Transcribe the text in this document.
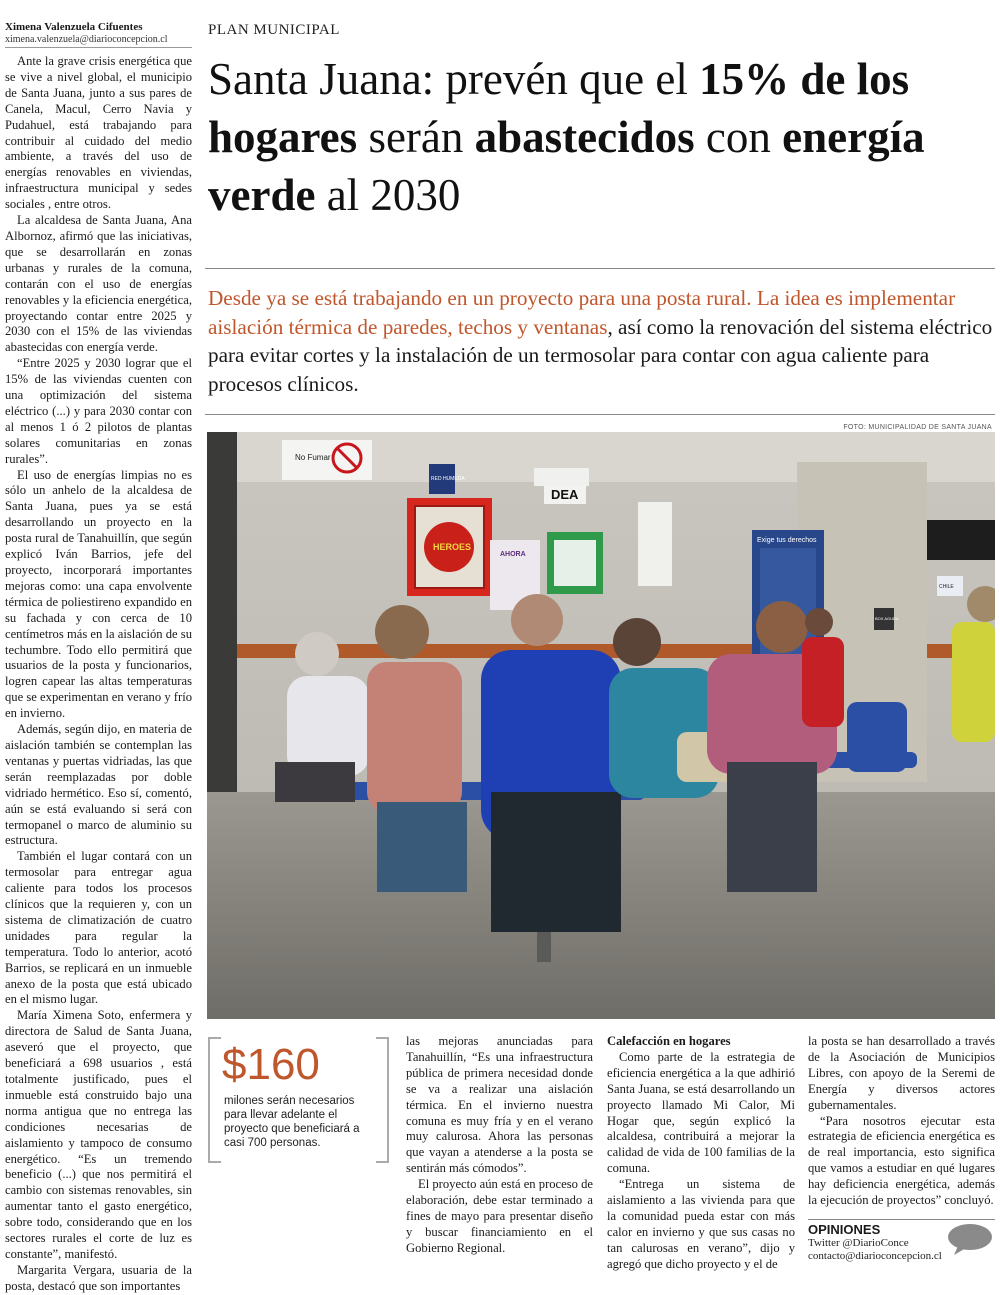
Ximena Valenzuela Cifuentes
ximena.valenzuela@diarioconcepcion.cl

Ante la grave crisis energética que se vive a nivel global, el municipio de Santa Juana, junto a sus pares de Canela, Macul, Cerro Navia y Pudahuel, está trabajando para contribuir al cuidado del medio ambiente, a través del uso de energías renovables en viviendas, infraestructura municipal y sedes sociales , entre otros.

La alcaldesa de Santa Juana, Ana Albornoz, afirmó que las iniciativas, que se desarrollarán en zonas urbanas y rurales de la comuna, contarán con el uso de energías renovables y la eficiencia energética, proyectando contar entre 2025 y 2030 con el 15% de las viviendas abastecidas con energía verde.

“Entre 2025 y 2030 lograr que el 15% de las viviendas cuenten con una optimización del sistema eléctrico (...) y para 2030 contar con al menos 1 ó 2 pilotos de plantas solares comunitarias en zonas rurales”.

El uso de energías limpias no es sólo un anhelo de la alcaldesa de Santa Juana, pues ya se está desarrollando un proyecto en la posta rural de Tanahuillín, que según explicó Iván Barrios, jefe del proyecto, incorporará importantes mejoras como: una capa envolvente térmica de poliestireno expandido en su fachada y con cerca de 10 centímetros más en la aislación de su techumbre. Todo ello permitirá que usuarios de la posta y funcionarios, logren capear las altas temperaturas que se experimentan en verano y frío en invierno.

Además, según dijo, en materia de aislación también se contemplan las ventanas y puertas vidriadas, las que serán reemplazadas por doble vidriado hermético. Eso sí, comentó, aún se está evaluando si será con termopanel o marco de aluminio su estructura.

También el lugar contará con un termosolar para entregar agua caliente para todos los procesos clínicos que la requieren y, con un sistema de climatización de cuatro unidades para regular la temperatura. Todo lo anterior, acotó Barrios, se replicará en un inmueble anexo de la posta que está ubicado en el mismo lugar.

María Ximena Soto, enfermera y directora de Salud de Santa Juana, aseveró que el proyecto, que beneficiará a 698 usuarios , está totalmente justificado, pues el inmueble está construido bajo una norma antigua que no entrega las condiciones necesarias de aislamiento y tampoco de consumo energético. “Es un tremendo beneficio (...) que nos permitirá el cambio con sistemas renovables, sin aumentar tanto el gasto energético, sobre todo, considerando que en los sectores rurales el corte de luz es constante”, manifestó.

Margarita Vergara, usuaria de la posta, destacó que son importantes

PLAN MUNICIPAL
Santa Juana: prevén que el 15% de los hogares serán abastecidos con energía verde al 2030
Desde ya se está trabajando en un proyecto para una posta rural. La idea es implementar aislación térmica de paredes, techos y ventanas, así como la renovación del sistema eléctrico para evitar cortes y la instalación de un termosolar para contar con agua caliente para procesos clínicos.
FOTO: MUNICIPALIDAD DE SANTA JUANA
No Fumar
RED HUMEDA
HEROES
AHORA
DEA
Exige tus derechos
CHILE
BOX AGUDA
$160
milones serán necesarios para llevar adelante el proyecto que beneficiará a casi 700 personas.

las mejoras anunciadas para Tanahuillín, “Es una infraestructura pública de primera necesidad donde se va a realizar una aislación térmica. En el invierno nuestra comuna es muy fría y en el verano muy calurosa. Ahora las personas que vayan a atenderse a la posta se sentirán más cómodos”.

El proyecto aún está en proceso de elaboración, debe estar terminado a fines de mayo para presentar diseño y buscar financiamiento en el Gobierno Regional.

Calefacción en hogares

Como parte de la estrategia de eficiencia energética a la que adhirió Santa Juana, se está desarrollando un proyecto llamado Mi Calor, Mi Hogar que, según explicó la alcaldesa, contribuirá a mejorar la calidad de vida de 100 familias de la comuna.

“Entrega un sistema de aislamiento a las vivienda para que la comunidad pueda estar con más calor en invierno y que sus casas no tan calurosas en verano”, dijo y agregó que dicho proyecto y el de

la posta se han desarrollado a través de la Asociación de Municipios Libres, con apoyo de la Seremi de Energía y diversos actores gubernamentales.

“Para nosotros ejecutar esta estrategia de eficiencia energética es de real importancia, esto significa que vamos a estudiar en qué lugares hay deficiencia energética, además la ejecución de proyectos” concluyó.

OPINIONES
Twitter @DiarioConce
contacto@diarioconcepcion.cl
